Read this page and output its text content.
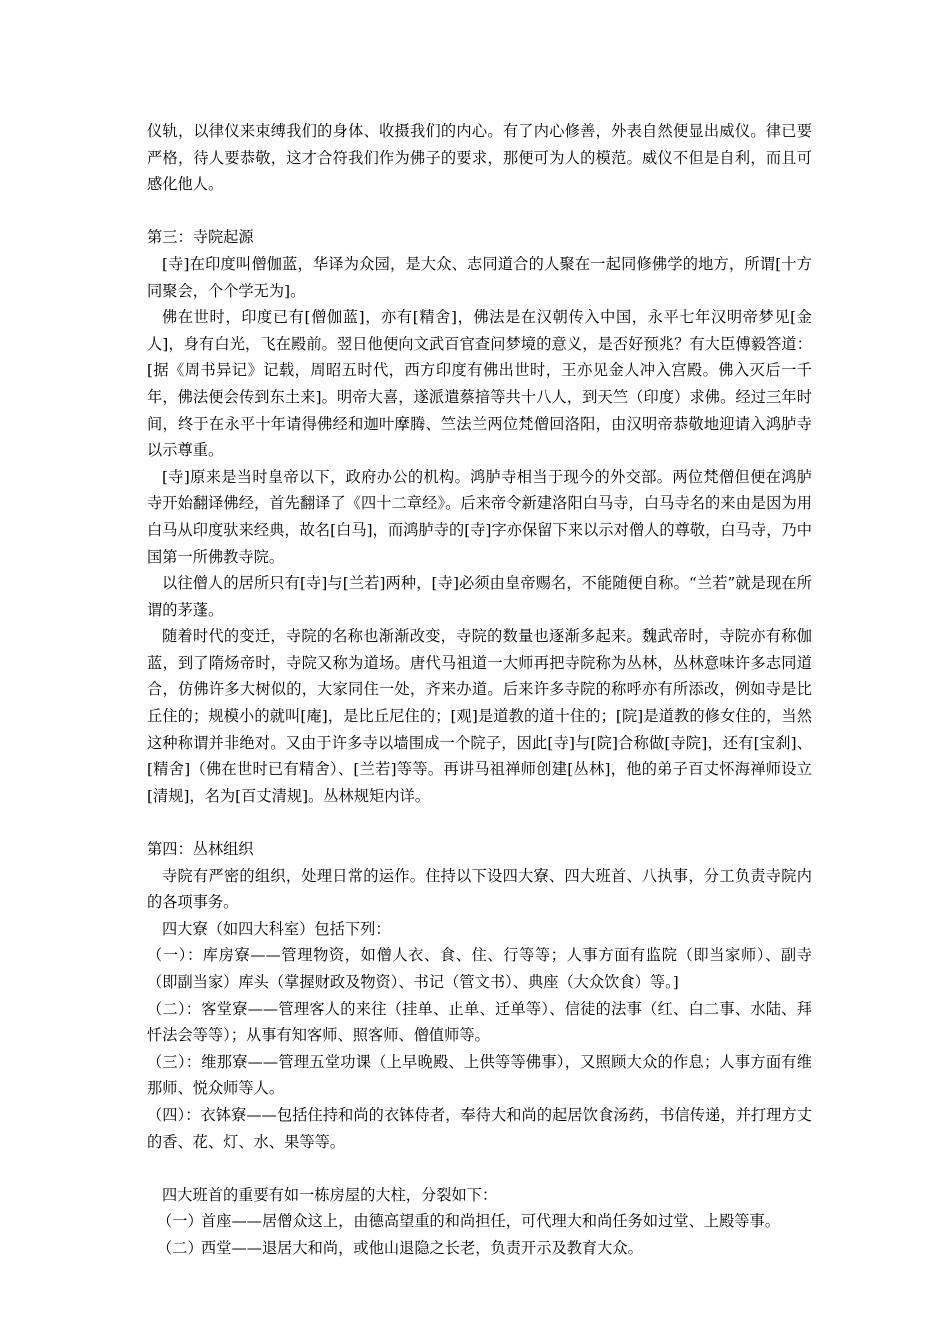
仪轨，以律仪来束缚我们的身体、收摄我们的内心。有了内心修善，外表自然便显出威仪。律已要严格，待人要恭敬，这才合符我们作为佛子的要求，那便可为人的模范。威仪不但是自利，而且可感化他人。

第三：寺院起源

[寺]在印度叫僧伽蓝，华译为众园，是大众、志同道合的人聚在一起同修佛学的地方，所谓[十方同聚会，个个学无为]。

佛在世时，印度已有[僧伽蓝]，亦有[精舍]，佛法是在汉朝传入中国，永平七年汉明帝梦见[金人]，身有白光，飞在殿前。翌日他便向文武百官查问梦境的意义，是否好预兆？有大臣傅毅答道：[据《周书异记》记载，周昭五时代，西方印度有佛出世时，王亦见金人冲入宫殿。佛入灭后一千年，佛法便会传到东土来]。明帝大喜，遂派遣蔡揞等共十八人，到天竺（印度）求佛。经过三年时间，终于在永平十年请得佛经和迦叶摩腾、竺法兰两位梵僧回洛阳，由汉明帝恭敬地迎请入鸿胪寺以示尊重。

[寺]原来是当时皇帝以下，政府办公的机构。鸿胪寺相当于现今的外交部。两位梵僧但便在鸿胪寺开始翻译佛经，首先翻译了《四十二章经》。后来帝令新建洛阳白马寺，白马寺名的来由是因为用白马从印度驮来经典，故名[白马]，而鸿胪寺的[寺]字亦保留下来以示对僧人的尊敬，白马寺，乃中国第一所佛教寺院。

以往僧人的居所只有[寺]与[兰若]两种，[寺]必须由皇帝赐名，不能随便自称。“兰若”就是现在所谓的茅蓬。

随着时代的变迁，寺院的名称也渐渐改变，寺院的数量也逐渐多起来。魏武帝时，寺院亦有称伽蓝，到了隋炀帝时，寺院又称为道场。唐代马祖道一大师再把寺院称为丛林，丛林意味许多志同道合，仿佛许多大树似的，大家同住一处，齐来办道。后来许多寺院的称呼亦有所添改，例如寺是比丘住的；规模小的就叫[庵]，是比丘尼住的；[观]是道教的道十住的；[院]是道教的修女住的，当然这种称谓并非绝对。又由于许多寺以墙围成一个院子，因此[寺]与[院]合称做[寺院]，还有[宝刹]、[精舍]（佛在世时已有精舍）、[兰若]等等。再讲马祖禅师创建[丛林]，他的弟子百丈怀海禅师设立[清规]，名为[百丈清规]。丛林规矩内详。

第四：丛林组织

寺院有严密的组织，处理日常的运作。住持以下设四大寮、四大班首、八执事，分工负责寺院内的各项事务。

四大寮（如四大科室）包括下列：

（一）：库房寮——管理物资，如僧人衣、食、住、行等等；人事方面有监院（即当家师）、副寺（即副当家）库头（掌握财政及物资）、书记（管文书）、典座（大众饮食）等。]

（二）：客堂寮——管理客人的来往（挂单、止单、迁单等）、信徒的法事（红、白二事、水陆、拜忏法会等等）；从事有知客师、照客师、僧值师等。

（三）：维那寮——管理五堂功课（上早晚殿、上供等等佛事），又照顾大众的作息；人事方面有维那师、悦众师等人。

（四）：衣钵寮——包括住持和尚的衣钵侍者，奉待大和尚的起居饮食汤药，书信传递，并打理方丈的香、花、灯、水、果等等。

四大班首的重要有如一栋房屋的大柱，分裂如下：

（一）
首座——居僧众这上，由德高望重的和尚担任，可代理大和尚任务如过堂、上殿等事。
（二）
西堂——退居大和尚，或他山退隐之长老，负责开示及教育大众。
